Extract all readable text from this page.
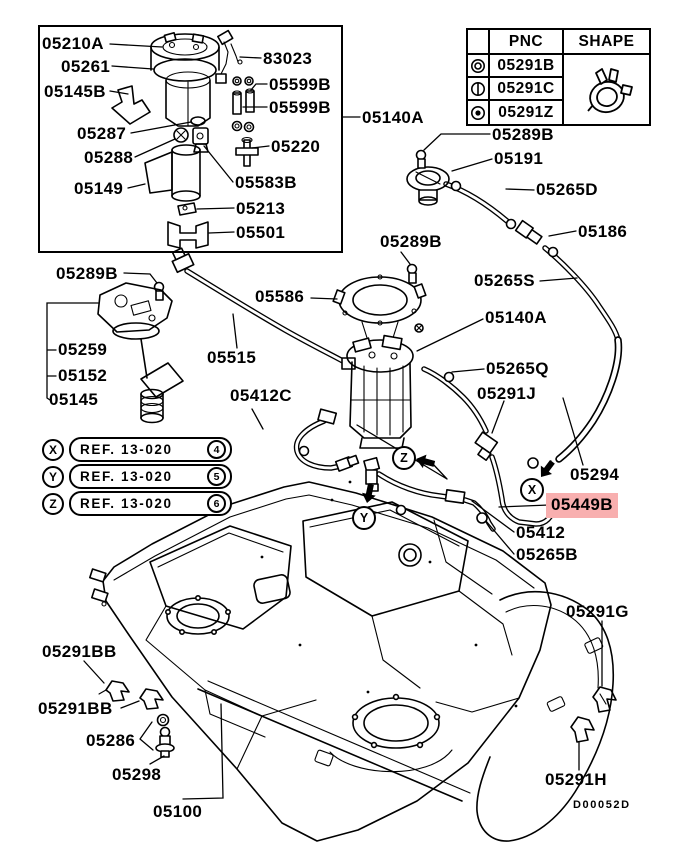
PNC	SHAPE
05291B
05291C
05291Z
X	REF. 13-020	4
Y	REF. 13-020	5
Z	REF. 13-020	6
X
Y
Z
05210A
05261
05145B
05287
05288
05149
83023
05599B
05599B
05220
05583B
05213
05501
05140A
05289B
05191
05265D
05186
05289B
05265S
05289B
05586
05140A
05259	05515
05152	05265Q
05145	05412C	05291J
05294
05449B
05412
05265B
05291G
05291BB
05291BB
05286
05298
05100
05291H
D00052D
